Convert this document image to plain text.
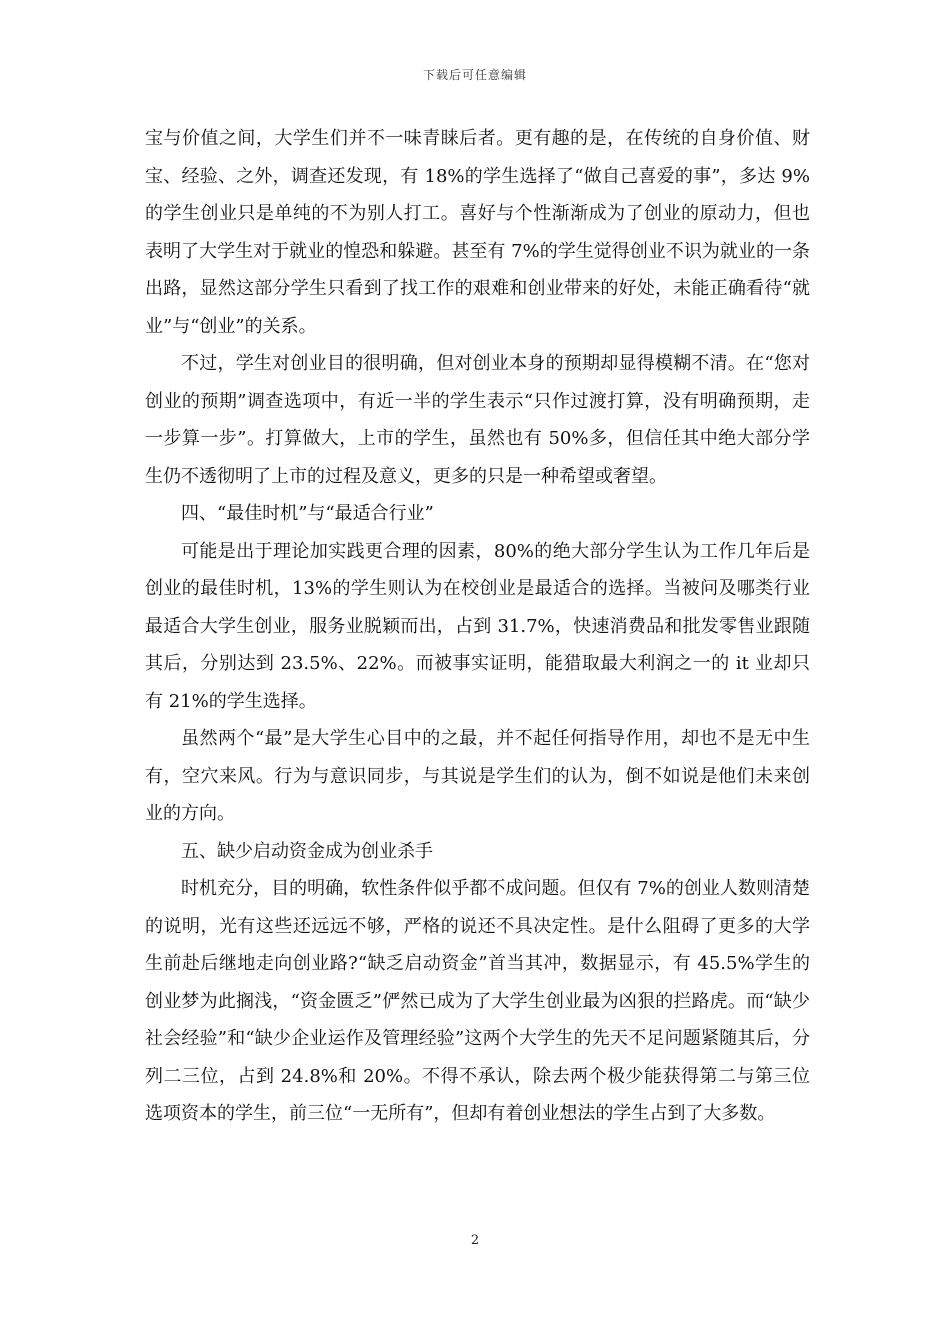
下载后可任意编辑

宝与价值之间，大学生们并不一味青睐后者。更有趣的是，在传统的自身价值、财宝、经验、之外，调查还发现，有 18%的学生选择了“做自己喜爱的事”，多达 9%的学生创业只是单纯的不为别人打工。喜好与个性渐渐成为了创业的原动力，但也表明了大学生对于就业的惶恐和躲避。甚至有 7%的学生觉得创业不识为就业的一条出路，显然这部分学生只看到了找工作的艰难和创业带来的好处，未能正确看待“就业”与“创业”的关系。

不过，学生对创业目的很明确，但对创业本身的预期却显得模糊不清。在“您对创业的预期”调查选项中，有近一半的学生表示“只作过渡打算，没有明确预期，走一步算一步”。打算做大，上市的学生，虽然也有 50%多，但信任其中绝大部分学生仍不透彻明了上市的过程及意义，更多的只是一种希望或奢望。

四、“最佳时机”与“最适合行业”

可能是出于理论加实践更合理的因素，80%的绝大部分学生认为工作几年后是创业的最佳时机，13%的学生则认为在校创业是最适合的选择。当被问及哪类行业最适合大学生创业，服务业脱颖而出，占到 31.7%，快速消费品和批发零售业跟随其后，分别达到 23.5%、22%。而被事实证明，能猎取最大利润之一的 it 业却只有 21%的学生选择。

虽然两个“最”是大学生心目中的之最，并不起任何指导作用，却也不是无中生有，空穴来风。行为与意识同步，与其说是学生们的认为，倒不如说是他们未来创业的方向。

五、缺少启动资金成为创业杀手

时机充分，目的明确，软性条件似乎都不成问题。但仅有 7%的创业人数则清楚的说明，光有这些还远远不够，严格的说还不具决定性。是什么阻碍了更多的大学生前赴后继地走向创业路?“缺乏启动资金”首当其冲，数据显示，有 45.5%学生的创业梦为此搁浅，“资金匮乏”俨然已成为了大学生创业最为凶狠的拦路虎。而“缺少社会经验”和“缺少企业运作及管理经验”这两个大学生的先天不足问题紧随其后，分列二三位，占到 24.8%和 20%。不得不承认，除去两个极少能获得第二与第三位选项资本的学生，前三位“一无所有”，但却有着创业想法的学生占到了大多数。

2
